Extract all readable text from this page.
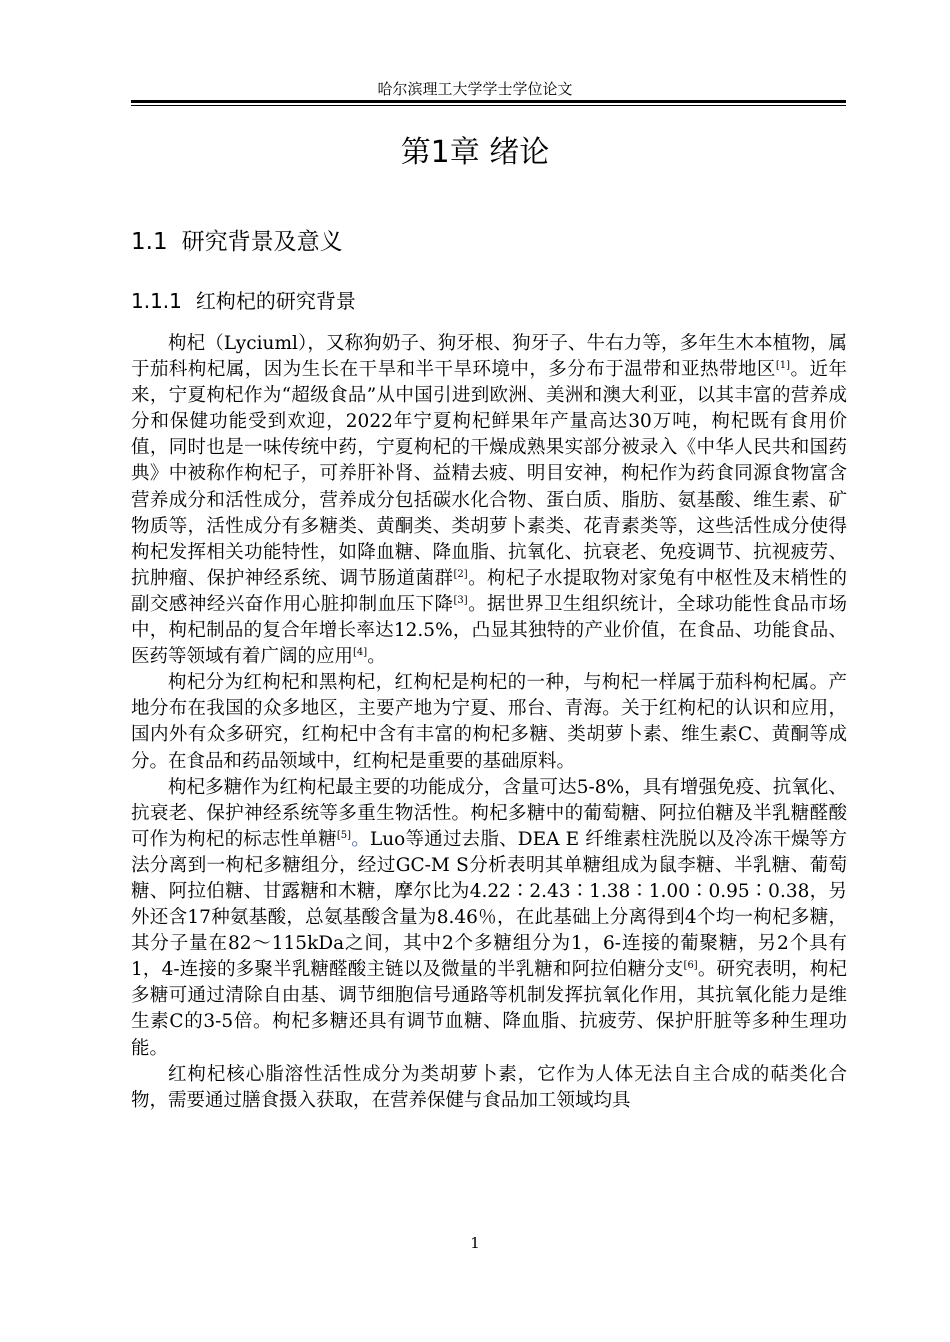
哈尔滨理工大学学士学位论文
第1章 绪论
1.1 研究背景及意义
1.1.1 红枸杞的研究背景

枸杞（Lyciuml），又称狗奶子、狗牙根、狗牙子、牛右力等，多年生木本植物，属于茄科枸杞属，因为生长在干旱和半干旱环境中，多分布于温带和亚热带地区[1]。近年来，宁夏枸杞作为“超级食品”从中国引进到欧洲、美洲和澳大利亚，以其丰富的营养成分和保健功能受到欢迎，2022年宁夏枸杞鲜果年产量高达30万吨，枸杞既有食用价值，同时也是一味传统中药，宁夏枸杞的干燥成熟果实部分被录入《中华人民共和国药典》中被称作枸杞子，可养肝补肾、益精去疲、明目安神，枸杞作为药食同源食物富含营养成分和活性成分，营养成分包括碳水化合物、蛋白质、脂肪、氨基酸、维生素、矿物质等，活性成分有多糖类、黄酮类、类胡萝卜素类、花青素类等，这些活性成分使得枸杞发挥相关功能特性，如降血糖、降血脂、抗氧化、抗衰老、免疫调节、抗视疲劳、抗肿瘤、保护神经系统、调节肠道菌群[2]。枸杞子水提取物对家兔有中枢性及末梢性的副交感神经兴奋作用心脏抑制血压下降[3]。据世界卫生组织统计，全球功能性食品市场中，枸杞制品的复合年增长率达12.5%，凸显其独特的产业价值，在食品、功能食品、医药等领域有着广阔的应用[4]。

枸杞分为红枸杞和黑枸杞，红枸杞是枸杞的一种，与枸杞一样属于茄科枸杞属。产地分布在我国的众多地区，主要产地为宁夏、邢台、青海。关于红枸杞的认识和应用，国内外有众多研究，红枸杞中含有丰富的枸杞多糖、类胡萝卜素、维生素C、黄酮等成分。在食品和药品领域中，红枸杞是重要的基础原料。

枸杞多糖作为红枸杞最主要的功能成分，含量可达5-8%，具有增强免疫、抗氧化、抗衰老、保护神经系统等多重生物活性。枸杞多糖中的葡萄糖、阿拉伯糖及半乳糖醛酸可作为枸杞的标志性单糖[5]。Luo等通过去脂、DEA E 纤维素柱洗脱以及冷冻干燥等方法分离到一枸杞多糖组分，经过GC-M S分析表明其单糖组成为鼠李糖、半乳糖、葡萄糖、阿拉伯糖、甘露糖和木糖，摩尔比为4.22∶2.43∶1.38∶1.00∶0.95∶0.38，另外还含17种氨基酸，总氨基酸含量为8.46％，在此基础上分离得到4个均一枸杞多糖，其分子量在82～115kDa之间，其中2个多糖组分为1，6-连接的葡聚糖，另2个具有1，4-连接的多聚半乳糖醛酸主链以及微量的半乳糖和阿拉伯糖分支[6]。研究表明，枸杞多糖可通过清除自由基、调节细胞信号通路等机制发挥抗氧化作用，其抗氧化能力是维生素C的3-5倍。枸杞多糖还具有调节血糖、降血脂、抗疲劳、保护肝脏等多种生理功能。

红枸杞核心脂溶性活性成分为类胡萝卜素，它作为人体无法自主合成的萜类化合物，需要通过膳食摄入获取，在营养保健与食品加工领域均具

1
